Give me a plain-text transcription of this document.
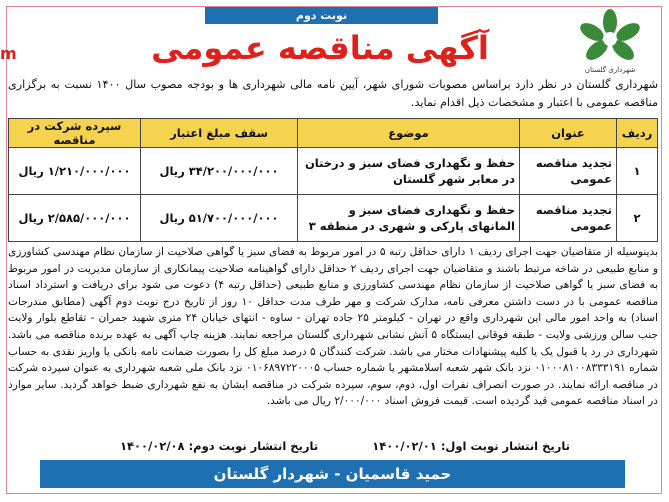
m
نوبت دوم
آگهی مناقصه عمومی
شهرداری گلستان
شهرداری گلستان در نظر دارد براساس مصوبات شورای شهر، آیین نامه مالی شهرداری ها و بودجه مصوب سال ۱۴۰۰ نسبت به برگزاری مناقصه عمومی با اعتبار و مشخصات ذیل اقدام نماید.
ردیف	عنوان	موضوع	سقف مبلغ اعتبار	سپرده شرکت در مناقصه
۱	تجدید مناقصه عمومی	حفظ و نگهداری فضای سبز و درختان در معابر شهر گلستان	۳۴/۲۰۰/۰۰۰/۰۰۰ ریال	۱/۲۱۰/۰۰۰/۰۰۰ ریال
۲	تجدید مناقصه عمومی	حفظ و نگهداری فضای سبز و المانهای پارکی و شهری در منطقه ۳	۵۱/۷۰۰/۰۰۰/۰۰۰ ریال	۲/۵۸۵/۰۰۰/۰۰۰ ریال
بدینوسیله از متقاضیان جهت اجرای ردیف ۱ دارای حداقل رتبه ۵ در امور مربوط به فضای سبز یا گواهی صلاحیت از سازمان نظام مهندسی کشاورزی و منابع طبیعی در شاخه مرتبط باشند و متقاضیان جهت اجرای ردیف ۲ حداقل دارای گواهینامه صلاحیت پیمانکاری از سازمان مدیریت در امور مربوط به فضای سبز یا گواهی صلاحیت از سازمان نظام مهندسی کشاورزی و منابع طبیعی (حداقل رتبه ۴) دعوت می شود برای دریافت و استرداد اسناد مناقصه عمومی با در دست داشتن معرفی نامه، مدارک شرکت و مهر طرف مدت حداقل ۱۰ روز از تاریخ درج نوبت دوم آگهی (مطابق مندرجات اسناد) به واحد امور مالی این شهرداری واقع در تهران - کیلومتر ۲۵ جاده تهران - ساوه - انتهای خیابان ۲۴ متری شهید جمران - تقاطع بلوار ولایت جنب سالن ورزشی ولایت - طبقه فوقانی ایستگاه ۵ آتش نشانی شهرداری گلستان مراجعه نمایند. هزینه چاپ آگهی به عهده برنده مناقصه می باشد. شهرداری در رد یا قبول یک یا کلیه پیشنهادات مختار می باشد. شرکت کنندگان ۵ درصد مبلغ کل را بصورت ضمانت نامه بانکی یا واریز نقدی به حساب شماره ۰۱۰۰۰۸۱۰۰۸۳۳۳۱۹۱ نزد بانک شهر شعبه اسلامشهر یا شماره حساب ۰۱۰۶۸۹۷۲۲۰۰۰۵ نزد بانک ملی شعبه شهرداری به عنوان سپرده شرکت در مناقصه ارائه نمایند. در صورت انصراف نفرات اول، دوم، سوم، سپرده شرکت در مناقصه ایشان به نفع شهرداری ضبط خواهد گردید. سایر موارد در اسناد مناقصه عمومی قید گردیده است. قیمت فروش اسناد ۲/۰۰۰/۰۰۰ ریال می باشد.
تاریخ انتشار نوبت اول: ۱۴۰۰/۰۲/۰۱
تاریخ انتشار نوبت دوم: ۱۴۰۰/۰۲/۰۸
حمید قاسمیان - شهردار گلستان
